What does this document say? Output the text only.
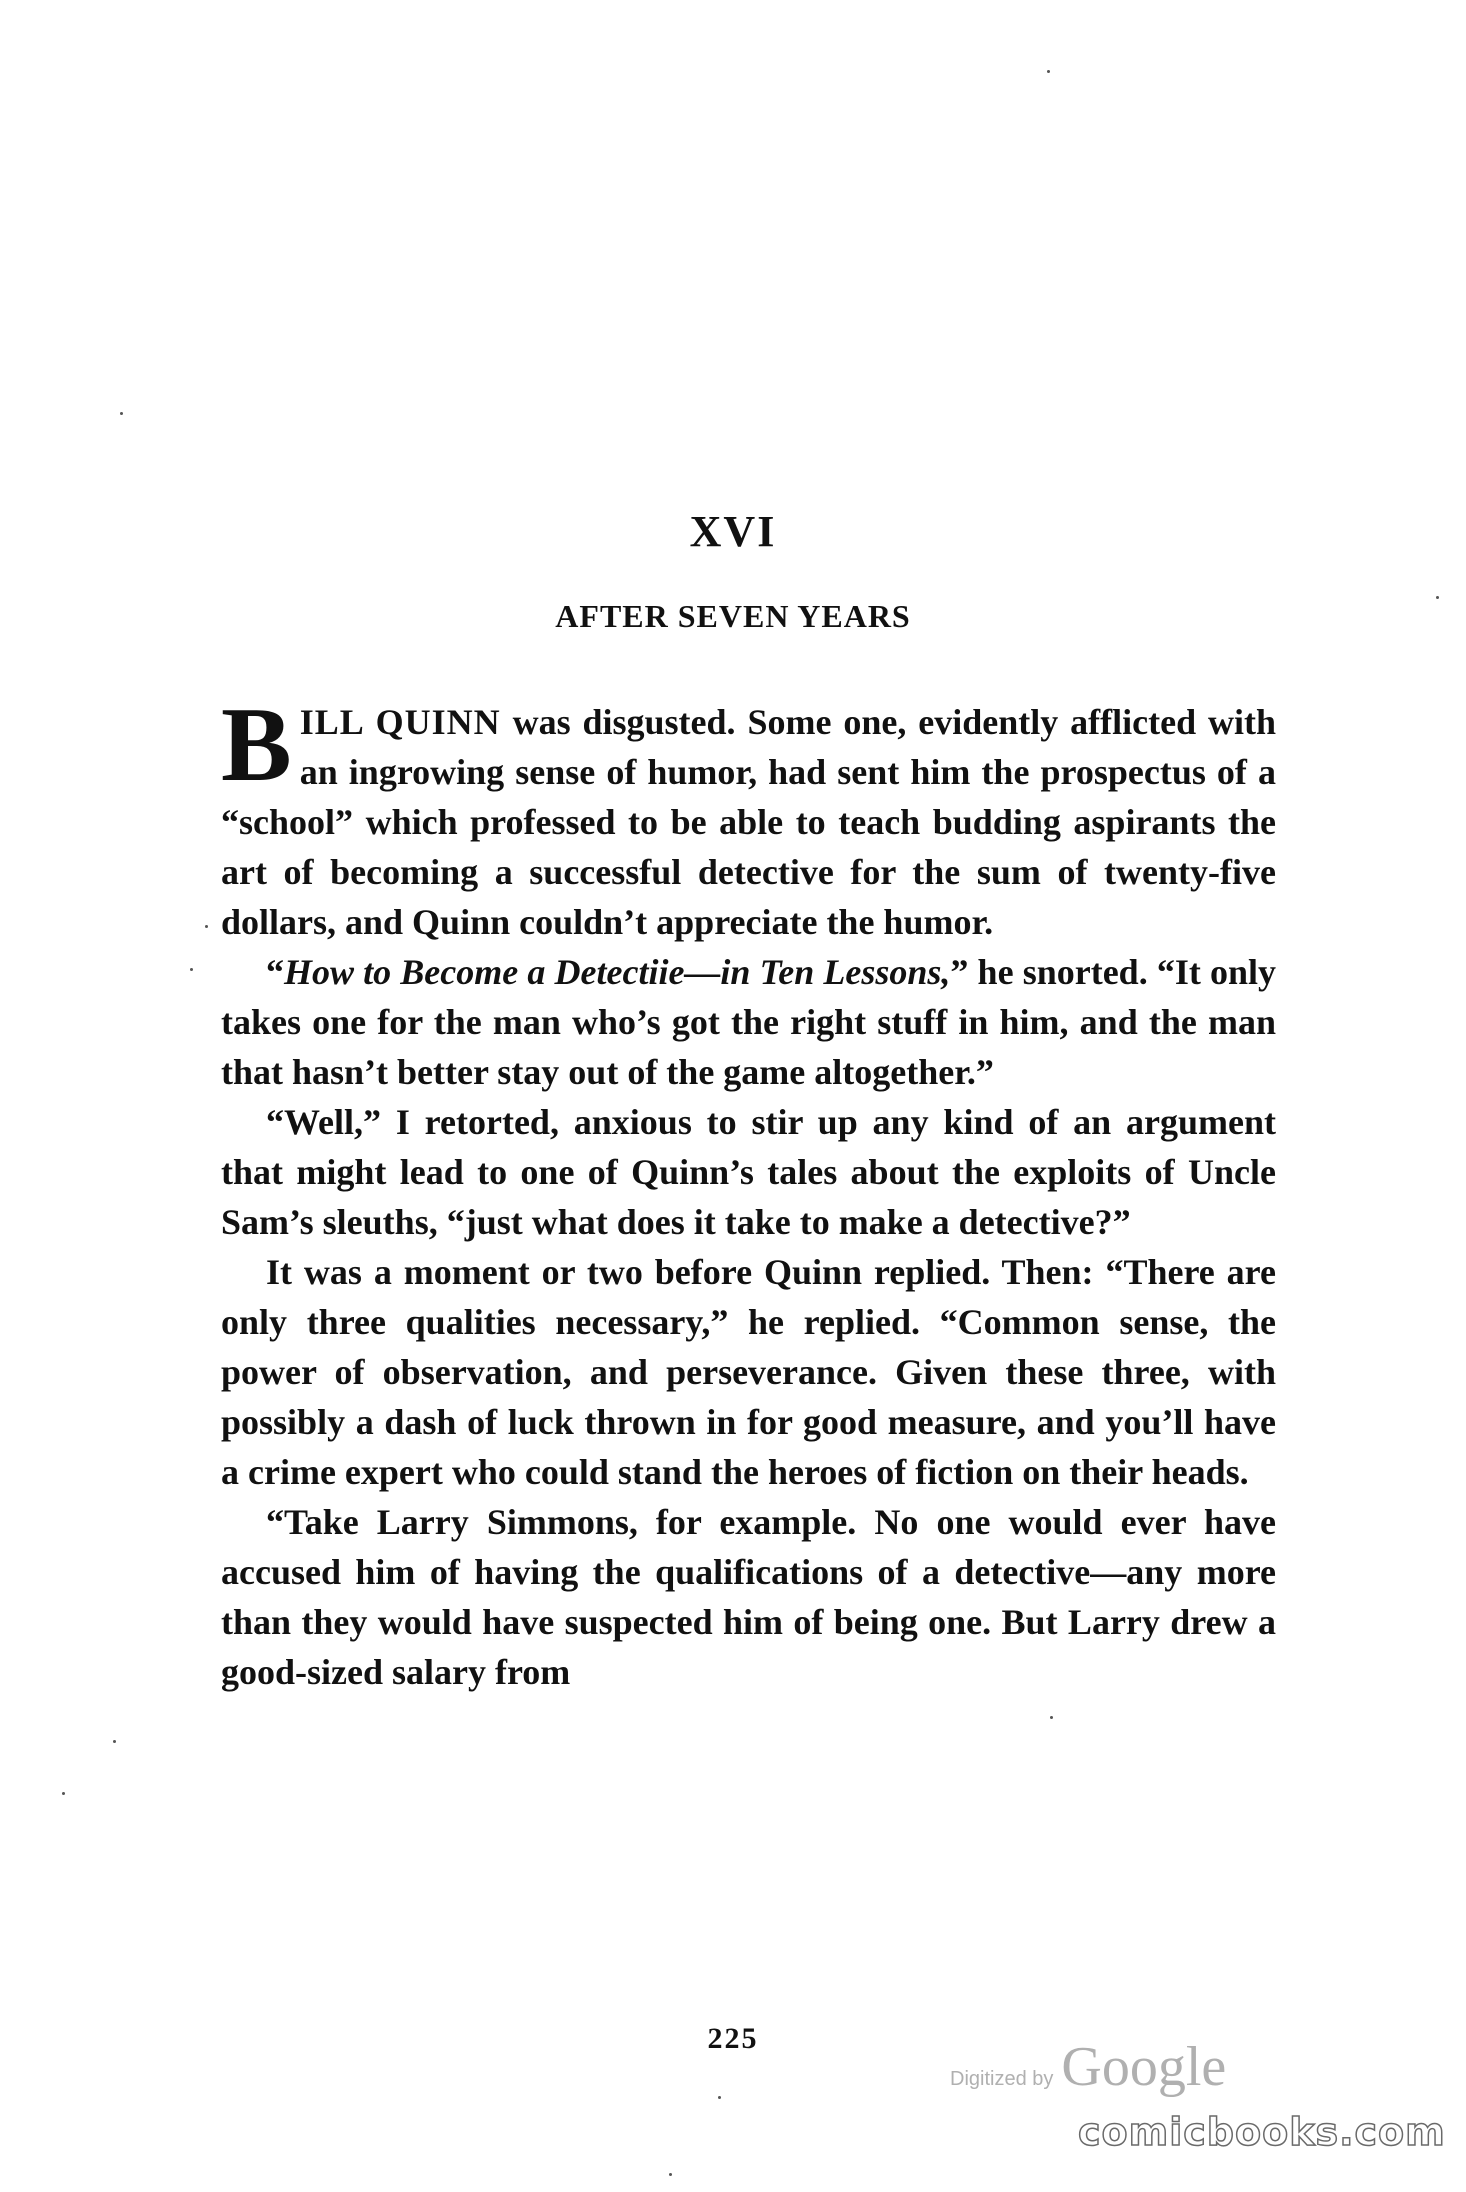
XVI
AFTER SEVEN YEARS

BILL QUINN was disgusted. Some one, evidently afflicted with an ingrowing sense of humor, had sent him the prospectus of a “school” which professed to be able to teach budding aspirants the art of becoming a successful detective for the sum of twenty-five dollars, and Quinn couldn’t appreciate the humor.

“How to Become a Detectiie—in Ten Lessons,” he snorted. “It only takes one for the man who’s got the right stuff in him, and the man that hasn’t better stay out of the game altogether.”

“Well,” I retorted, anxious to stir up any kind of an argument that might lead to one of Quinn’s tales about the exploits of Uncle Sam’s sleuths, “just what does it take to make a detective?”

It was a moment or two before Quinn replied. Then: “There are only three qualities necessary,” he replied. “Common sense, the power of observation, and perseverance. Given these three, with possibly a dash of luck thrown in for good measure, and you’ll have a crime expert who could stand the heroes of fiction on their heads.

“Take Larry Simmons, for example. No one would ever have accused him of having the qualifications of a detective—any more than they would have suspected him of being one. But Larry drew a good-sized salary from

225
Digitized by Google
comicbooks.com
